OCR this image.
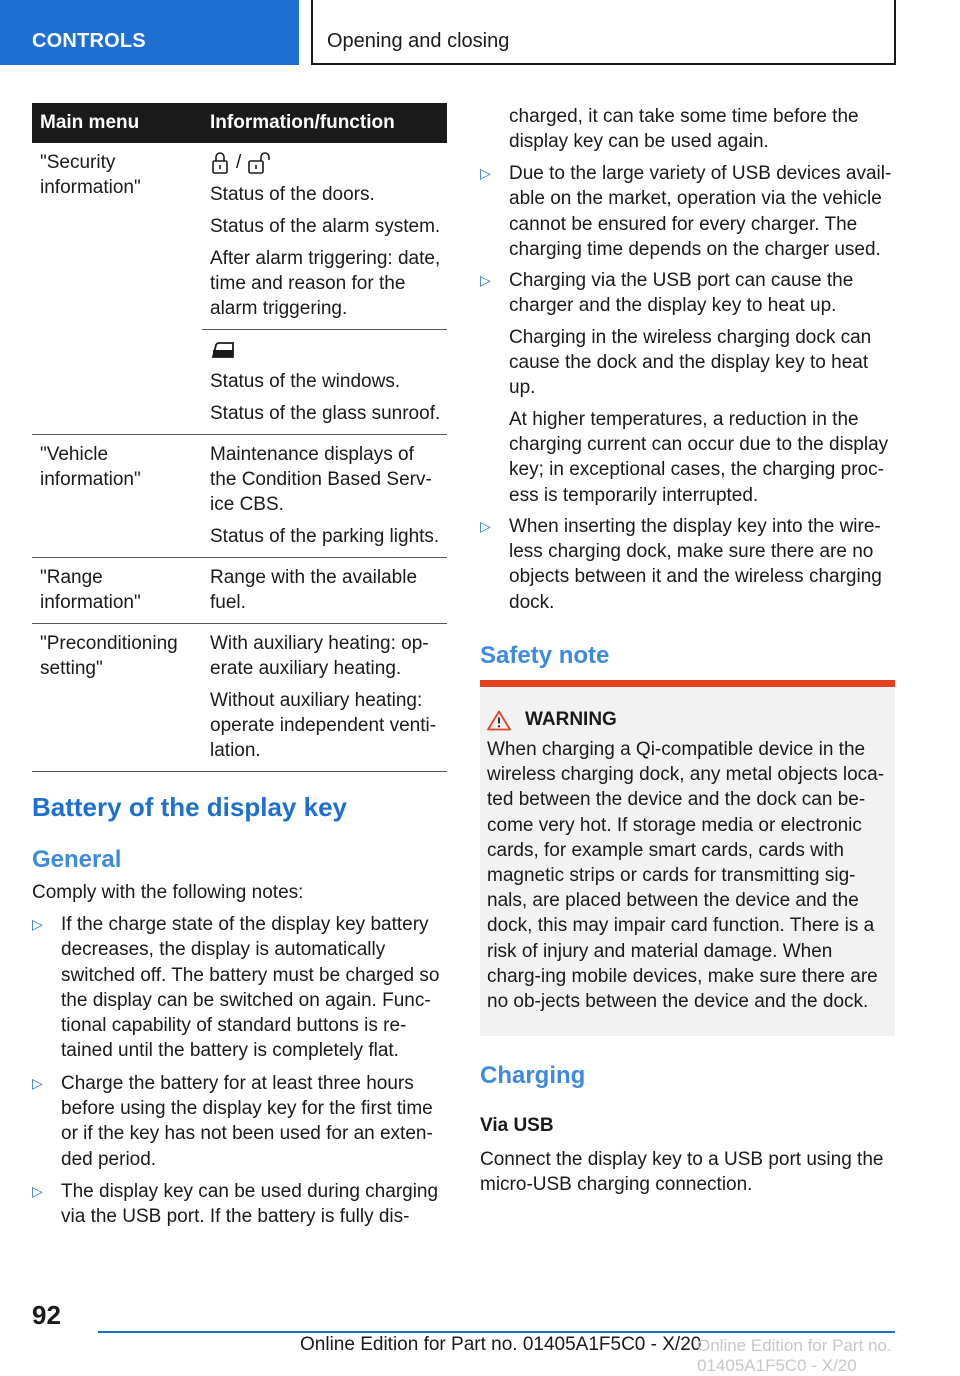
CONTROLS	Opening and closing
Main menu	Information/function
"Security information"
/

Status of the doors.

Status of the alarm system.

After alarm triggering: date, time and reason for the alarm triggering.

Status of the windows.

Status of the glass sunroof.

"Vehicle information"

Maintenance displays of the Condition Based Serv-ice CBS.

Status of the parking lights.

"Range information"

Range with the available fuel.

"Preconditioning setting"

With auxiliary heating: op-erate auxiliary heating.

Without auxiliary heating: operate independent venti-lation.

Battery of the display key
General
Comply with the following notes:
▷ If the charge state of the display key battery decreases, the display is automatically switched off. The battery must be charged so the display can be switched on again. Func-tional capability of standard buttons is re-tained until the battery is completely flat.

▷ Charge the battery for at least three hours before using the display key for the first time or if the key has not been used for an exten-ded period.

▷ The display key can be used during charging via the USB port. If the battery is fully dis-

charged, it can take some time before the display key can be used again.
▷ Due to the large variety of USB devices avail-able on the market, operation via the vehicle cannot be ensured for every charger. The charging time depends on the charger used.

▷ Charging via the USB port can cause the charger and the display key to heat up.

Charging in the wireless charging dock can cause the dock and the display key to heat up.

At higher temperatures, a reduction in the charging current can occur due to the display key; in exceptional cases, the charging proc-ess is temporarily interrupted.

▷ When inserting the display key into the wire-less charging dock, make sure there are no objects between it and the wireless charging dock.

Safety note
WARNING

When charging a Qi-compatible device in the wireless charging dock, any metal objects loca-ted between the device and the dock can be-come very hot. If storage media or electronic cards, for example smart cards, cards with magnetic strips or cards for transmitting sig-nals, are placed between the device and the dock, this may impair card function. There is a risk of injury and material damage. When charg-ing mobile devices, make sure there are no ob-jects between the device and the dock.

Charging
Via USB
Connect the display key to a USB port using the micro-USB charging connection.
92
Online Edition for Part no. 01405A1F5C0 - X/20
Online Edition for Part no. 01405A1F5C0 - X/20
